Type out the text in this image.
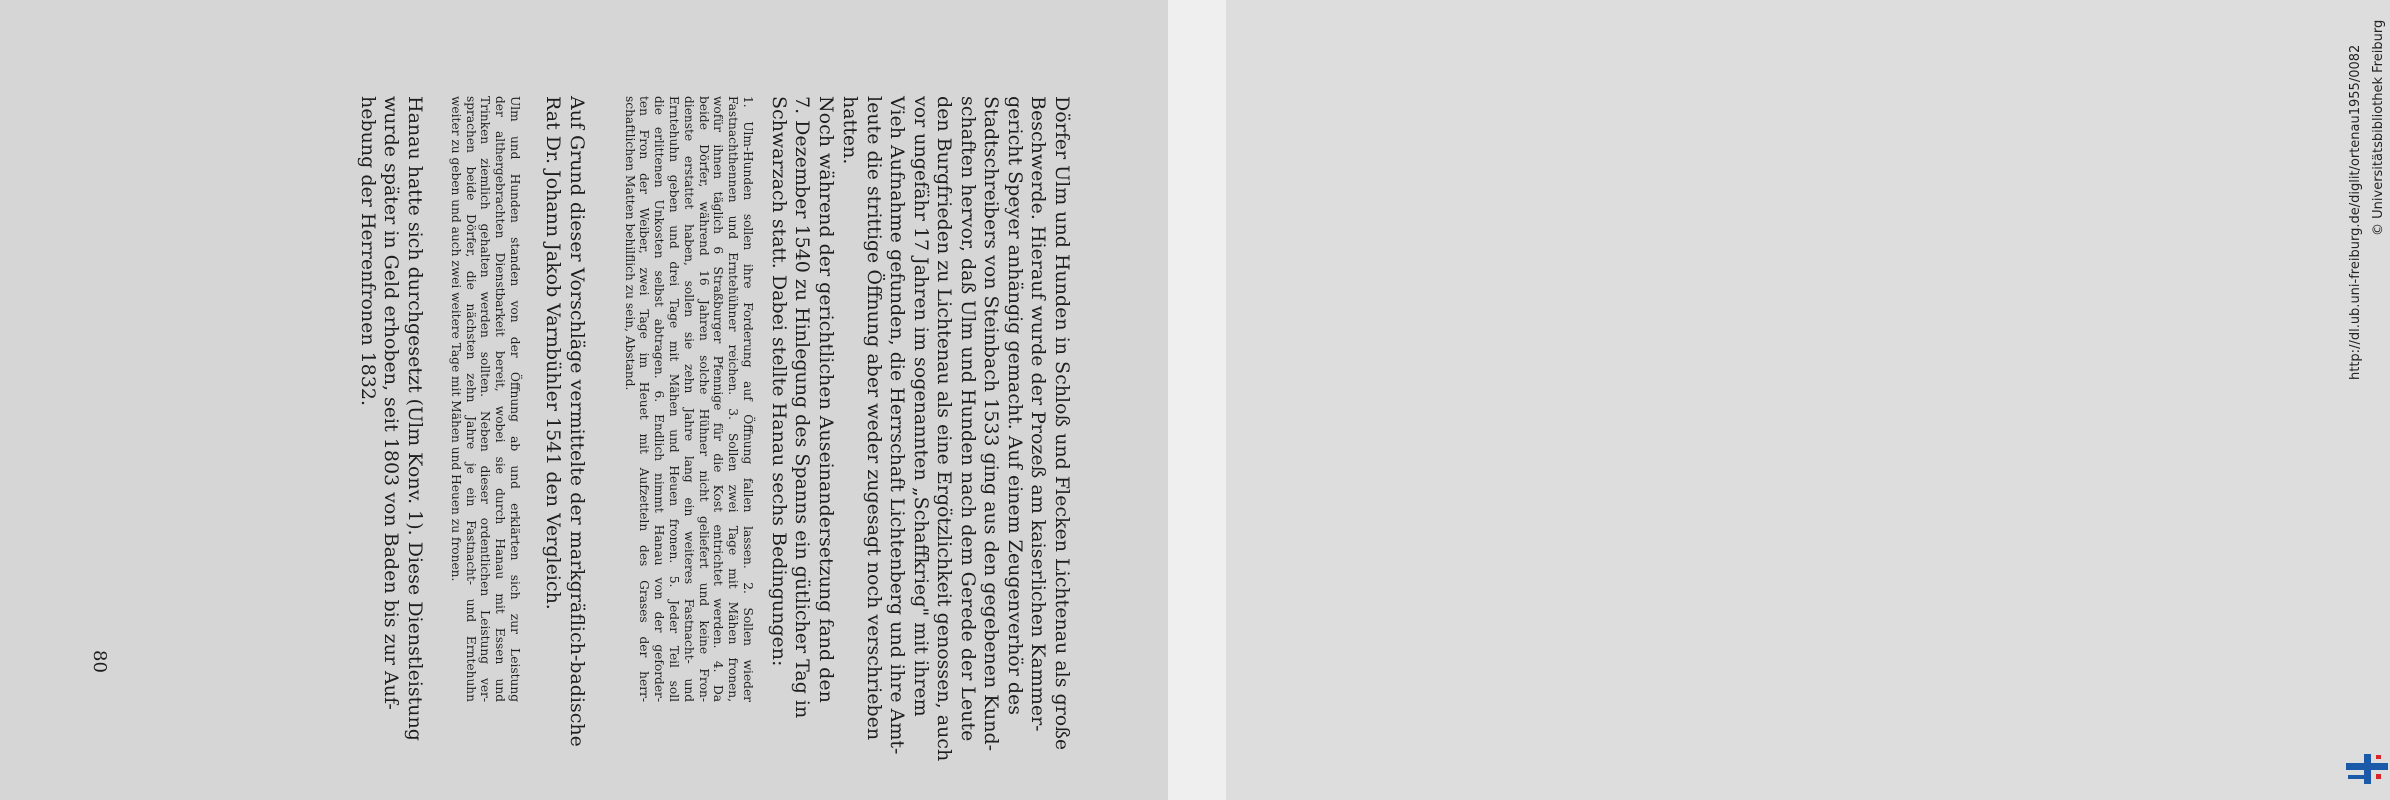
Dörfer Ulm und Hunden in Schloß und Flecken Lichtenau als große
Beschwerde. Hierauf wurde der Prozeß am kaiserlichen Kammer-
gericht Speyer anhängig gemacht. Auf einem Zeugenverhör des
Stadtschreibers von Steinbach 1533 ging aus den gegebenen Kund-
schaften hervor, daß Ulm und Hunden nach dem Gerede der Leute
den Burgfrieden zu Lichtenau als eine Ergötzlichkeit genossen, auch
vor ungefähr 17 Jahren im sogenannten „Schaffkrieg" mit ihrem
Vieh Aufnahme gefunden, die Herrschaft Lichtenberg und ihre Amt-
leute die strittige Öffnung aber weder zugesagt noch verschrieben
hatten.
Noch während der gerichtlichen Auseinandersetzung fand den
7. Dezember 1540 zu Hinlegung des Spanns ein gütlicher Tag in
Schwarzach statt. Dabei stellte Hanau sechs Bedingungen:
1. Ulm-Hunden sollen ihre Forderung auf Öffnung fallen lassen. 2. Sollen wieder
Fastnachthennen und Erntehühner reichen. 3. Sollen zwei Tage mit Mähen fronen,
wofür ihnen täglich 6 Straßburger Pfennige für die Kost entrichtet werden. 4. Da
beide Dörfer, während 16 Jahren solche Hühner nicht geliefert und keine Fron-
dienste erstattet haben, sollen sie zehn Jahre lang ein weiteres Fastnacht- und
Erntehuhn geben und drei Tage mit Mähen und Heuen fronen. 5. Jeder Teil soll
die erlittenen Unkosten selbst abtragen. 6. Endlich nimmt Hanau von der geforder-
ten Fron der Weiber, zwei Tage im Heuet mit Aufzetteln des Grases der herr-
schaftlichen Matten behilflich zu sein, Abstand.
Auf Grund dieser Vorschläge vermittelte der markgräflich-badische
Rat Dr. Johann Jakob Varnbühler 1541 den Vergleich.
Ulm und Hunden standen von der Öffnung ab und erklärten sich zur Leistung
der althergebrachten Dienstbarkeit bereit, wobei sie durch Hanau mit Essen und
Trinken ziemlich gehalten werden sollten. Neben dieser ordentlichen Leistung ver-
sprachen beide Dörfer, die nächsten zehn Jahre je ein Fastnacht- und Erntehuhn
weiter zu geben und auch zwei weitere Tage mit Mähen und Heuen zu fronen.
Hanau hatte sich durchgesetzt (Ulm Konv. 1). Diese Dienstleistung
wurde später in Geld erhoben, seit 1803 von Baden bis zur Auf-
hebung der Herrenfronen 1832.
80
http://dl.ub.uni-freiburg.de/diglit/ortenau1955/0082 © Universitätsbibliothek Freiburg
